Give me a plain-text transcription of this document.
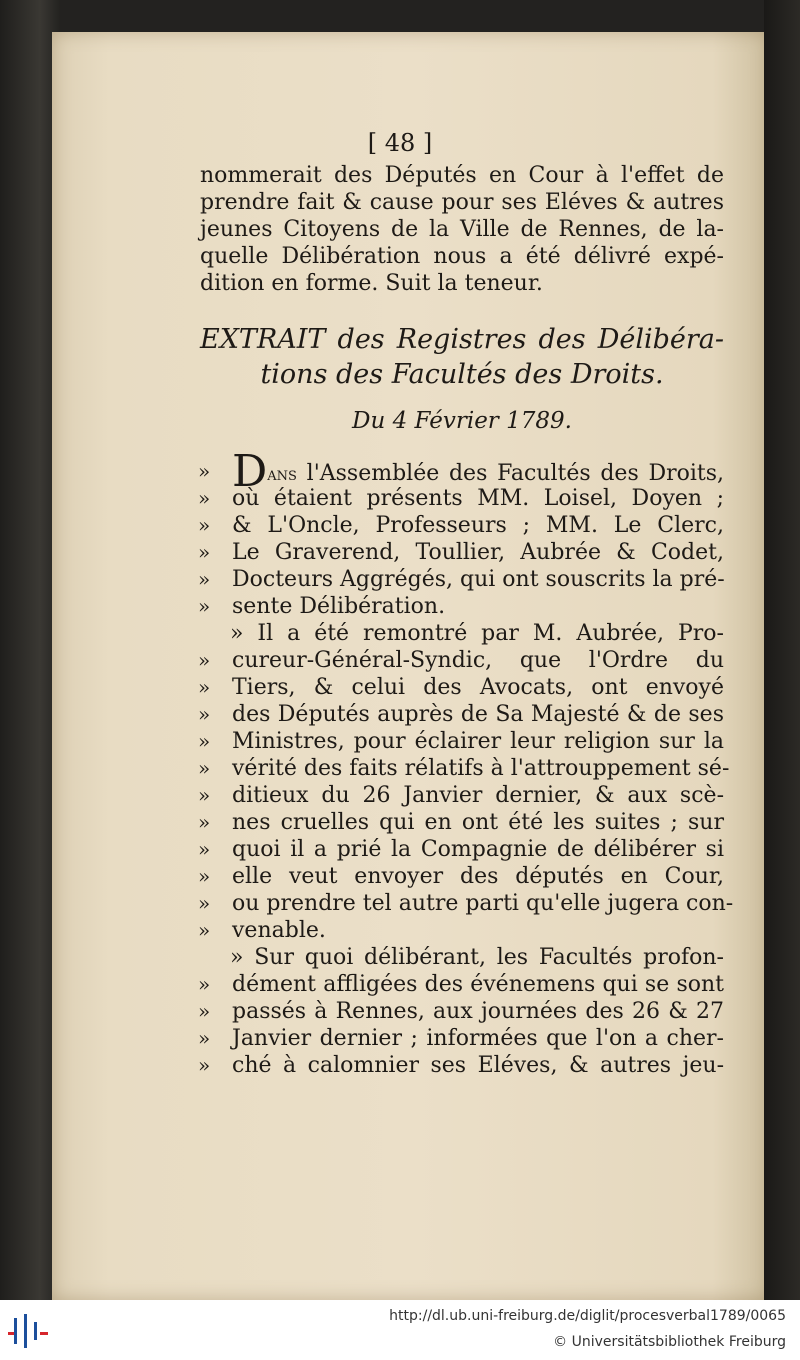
[ 48 ]
nommerait des Députés en Cour à l'effet de
prendre fait & cause pour ses Eléves & autres
jeunes Citoyens de la Ville de Rennes, de la-
quelle Délibération nous a été délivré expé-
dition en forme. Suit la teneur.
EXTRAIT des Registres des Délibéra-
tions des Facultés des Droits.
Du 4 Février 1789.
» Dans l'Assemblée des Facultés des Droits,
» où étaient présents MM. Loisel, Doyen ;
» & L'Oncle, Professeurs ; MM. Le Clerc,
» Le Graverend, Toullier, Aubrée & Codet,
» Docteurs Aggrégés, qui ont souscrits la pré-
» sente Délibération.
» Il a été remontré par M. Aubrée, Pro-
» cureur-Général-Syndic, que l'Ordre du
» Tiers, & celui des Avocats, ont envoyé
» des Députés auprès de Sa Majesté & de ses
» Ministres, pour éclairer leur religion sur la
» vérité des faits rélatifs à l'attrouppement sé-
» ditieux du 26 Janvier dernier, & aux scè-
» nes cruelles qui en ont été les suites ; sur
» quoi il a prié la Compagnie de délibérer si
» elle veut envoyer des députés en Cour,
» ou prendre tel autre parti qu'elle jugera con-
» venable.
» Sur quoi délibérant, les Facultés profon-
» dément affligées des événemens qui se sont
» passés à Rennes, aux journées des 26 & 27
» Janvier dernier ; informées que l'on a cher-
» ché à calomnier ses Eléves, & autres jeu-
http://dl.ub.uni-freiburg.de/diglit/procesverbal1789/0065
© Universitätsbibliothek Freiburg
